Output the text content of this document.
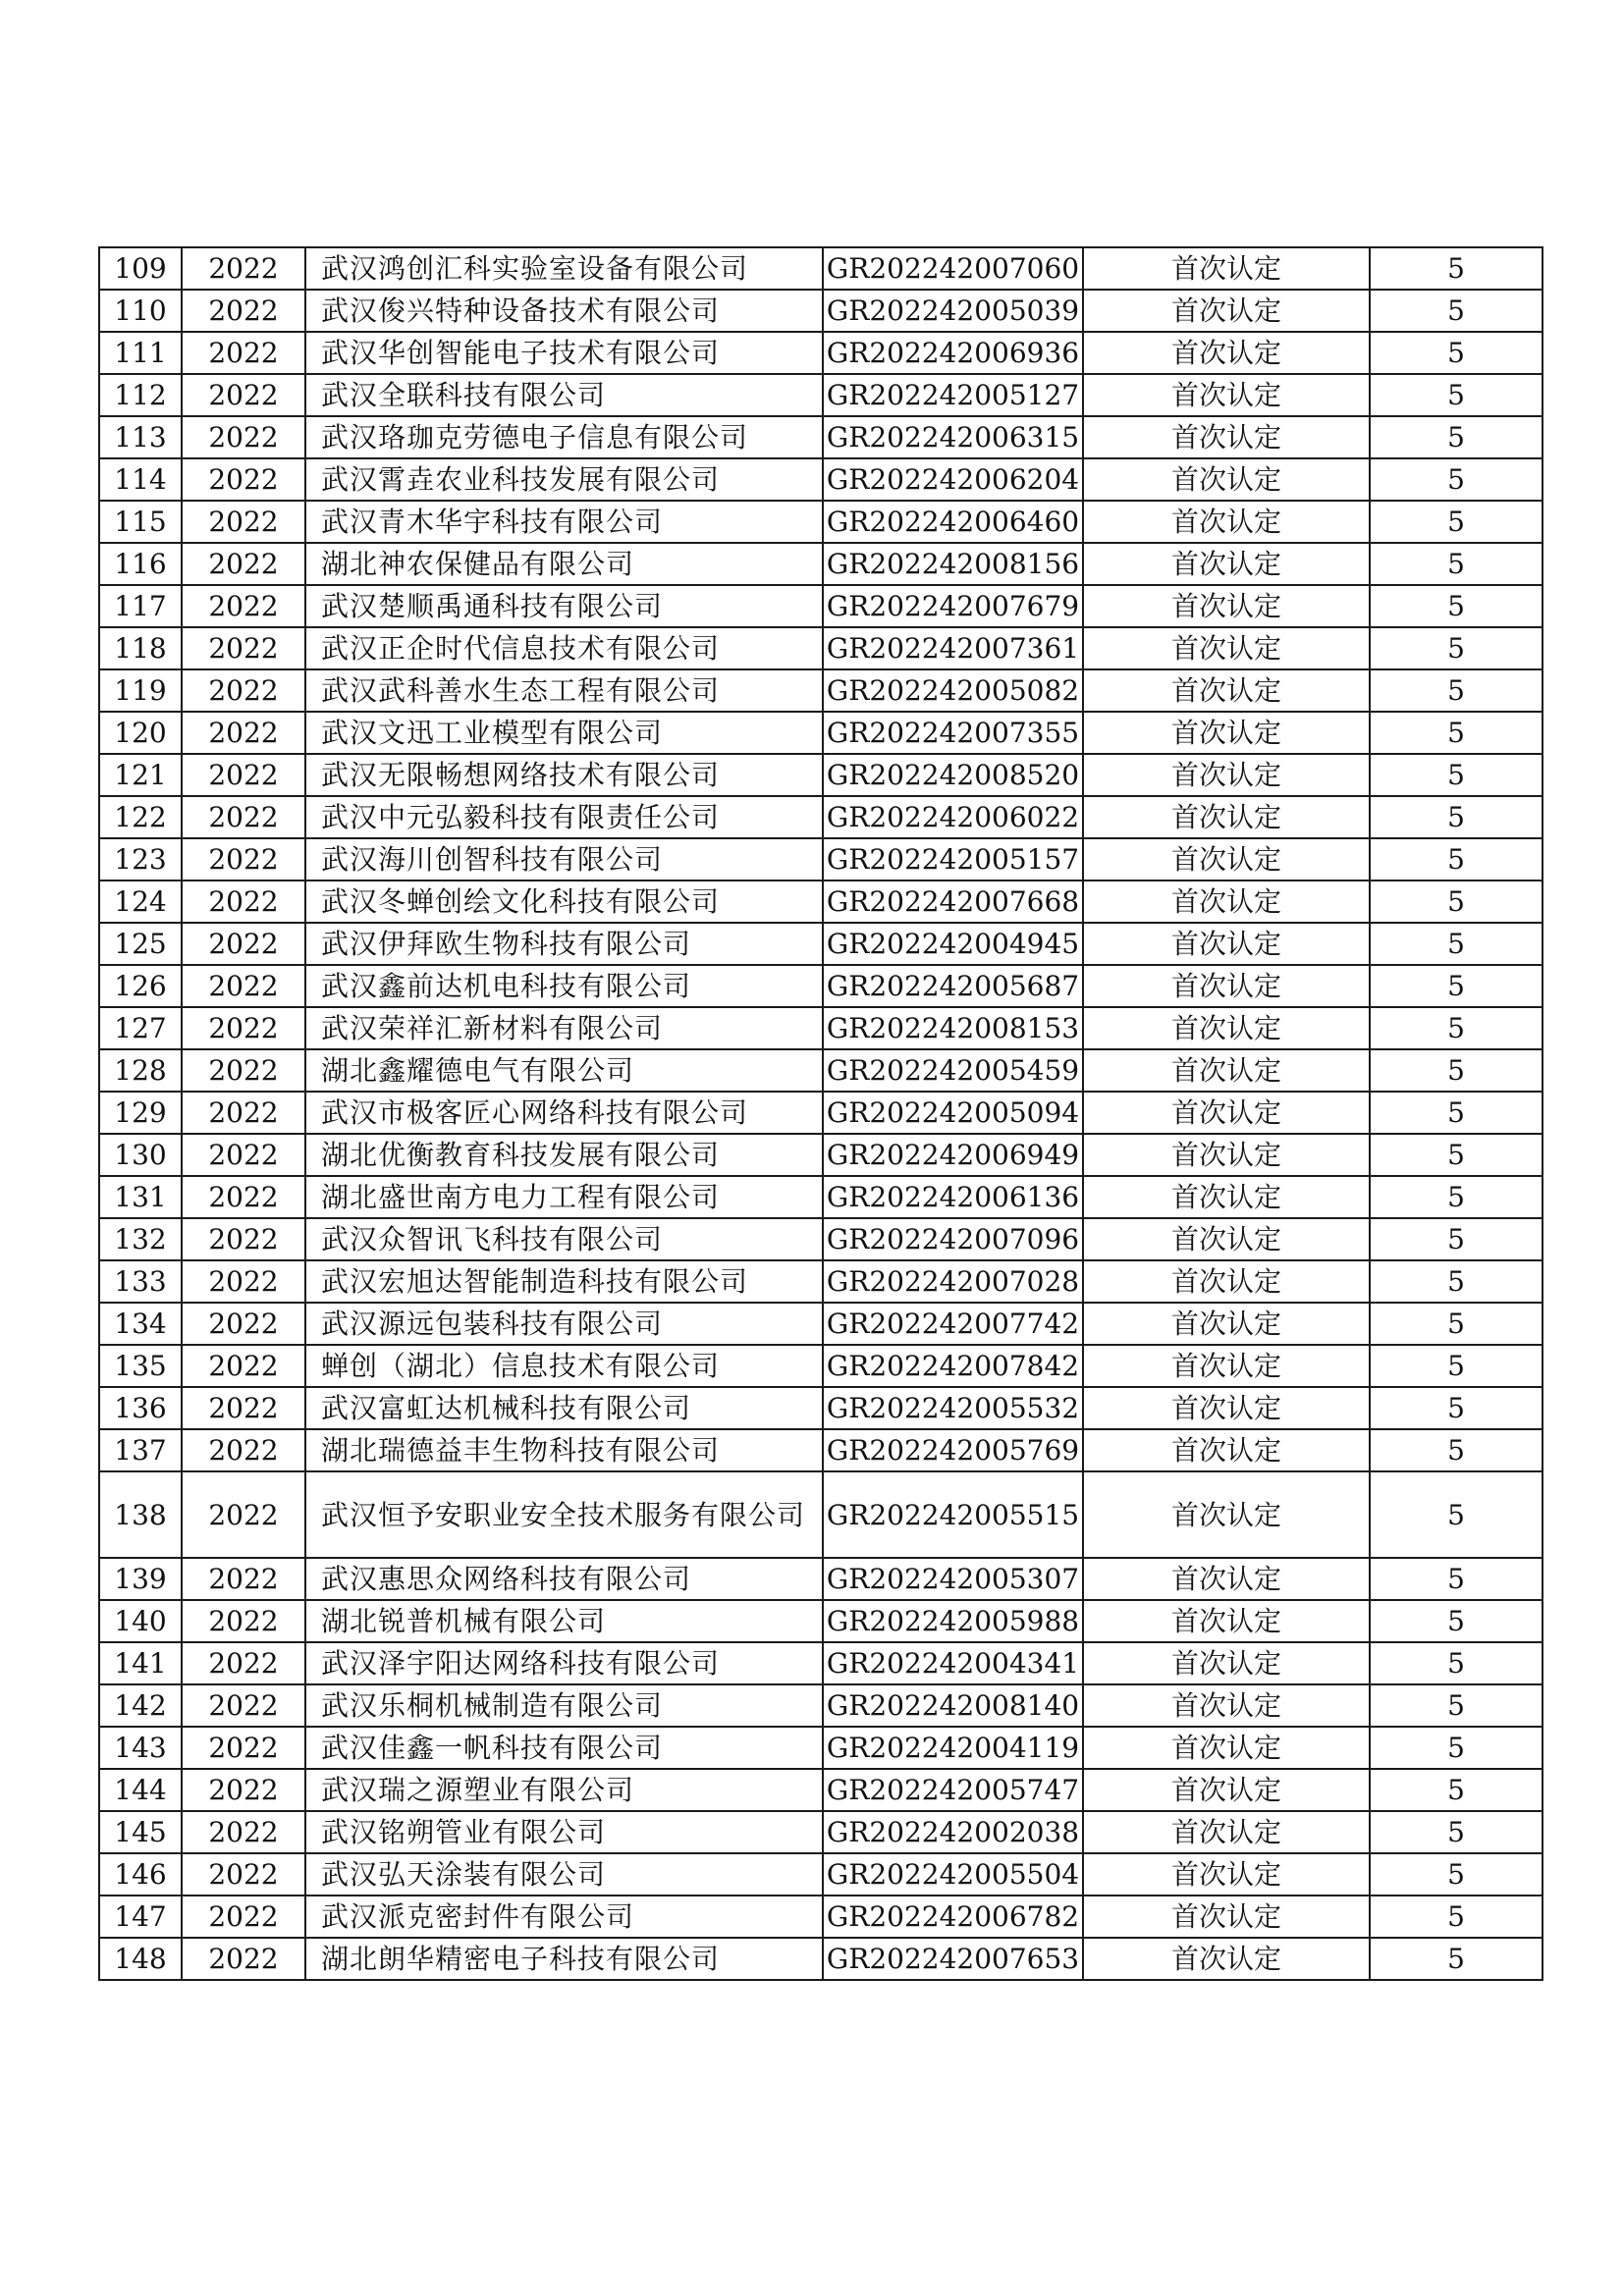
109	2022	武汉鸿创汇科实验室设备有限公司	GR202242007060	首次认定	5
110	2022	武汉俊兴特种设备技术有限公司	GR202242005039	首次认定	5
111	2022	武汉华创智能电子技术有限公司	GR202242006936	首次认定	5
112	2022	武汉全联科技有限公司	GR202242005127	首次认定	5
113	2022	武汉珞珈克劳德电子信息有限公司	GR202242006315	首次认定	5
114	2022	武汉霄垚农业科技发展有限公司	GR202242006204	首次认定	5
115	2022	武汉青木华宇科技有限公司	GR202242006460	首次认定	5
116	2022	湖北神农保健品有限公司	GR202242008156	首次认定	5
117	2022	武汉楚顺禹通科技有限公司	GR202242007679	首次认定	5
118	2022	武汉正企时代信息技术有限公司	GR202242007361	首次认定	5
119	2022	武汉武科善水生态工程有限公司	GR202242005082	首次认定	5
120	2022	武汉文迅工业模型有限公司	GR202242007355	首次认定	5
121	2022	武汉无限畅想网络技术有限公司	GR202242008520	首次认定	5
122	2022	武汉中元弘毅科技有限责任公司	GR202242006022	首次认定	5
123	2022	武汉海川创智科技有限公司	GR202242005157	首次认定	5
124	2022	武汉冬蝉创绘文化科技有限公司	GR202242007668	首次认定	5
125	2022	武汉伊拜欧生物科技有限公司	GR202242004945	首次认定	5
126	2022	武汉鑫前达机电科技有限公司	GR202242005687	首次认定	5
127	2022	武汉荣祥汇新材料有限公司	GR202242008153	首次认定	5
128	2022	湖北鑫耀德电气有限公司	GR202242005459	首次认定	5
129	2022	武汉市极客匠心网络科技有限公司	GR202242005094	首次认定	5
130	2022	湖北优衡教育科技发展有限公司	GR202242006949	首次认定	5
131	2022	湖北盛世南方电力工程有限公司	GR202242006136	首次认定	5
132	2022	武汉众智讯飞科技有限公司	GR202242007096	首次认定	5
133	2022	武汉宏旭达智能制造科技有限公司	GR202242007028	首次认定	5
134	2022	武汉源远包装科技有限公司	GR202242007742	首次认定	5
135	2022	蝉创（湖北）信息技术有限公司	GR202242007842	首次认定	5
136	2022	武汉富虹达机械科技有限公司	GR202242005532	首次认定	5
137	2022	湖北瑞德益丰生物科技有限公司	GR202242005769	首次认定	5
138	2022	武汉恒予安职业安全技术服务有限公司	GR202242005515	首次认定	5
139	2022	武汉惠思众网络科技有限公司	GR202242005307	首次认定	5
140	2022	湖北锐普机械有限公司	GR202242005988	首次认定	5
141	2022	武汉泽宇阳达网络科技有限公司	GR202242004341	首次认定	5
142	2022	武汉乐桐机械制造有限公司	GR202242008140	首次认定	5
143	2022	武汉佳鑫一帆科技有限公司	GR202242004119	首次认定	5
144	2022	武汉瑞之源塑业有限公司	GR202242005747	首次认定	5
145	2022	武汉铭朔管业有限公司	GR202242002038	首次认定	5
146	2022	武汉弘天涂装有限公司	GR202242005504	首次认定	5
147	2022	武汉派克密封件有限公司	GR202242006782	首次认定	5
148	2022	湖北朗华精密电子科技有限公司	GR202242007653	首次认定	5
